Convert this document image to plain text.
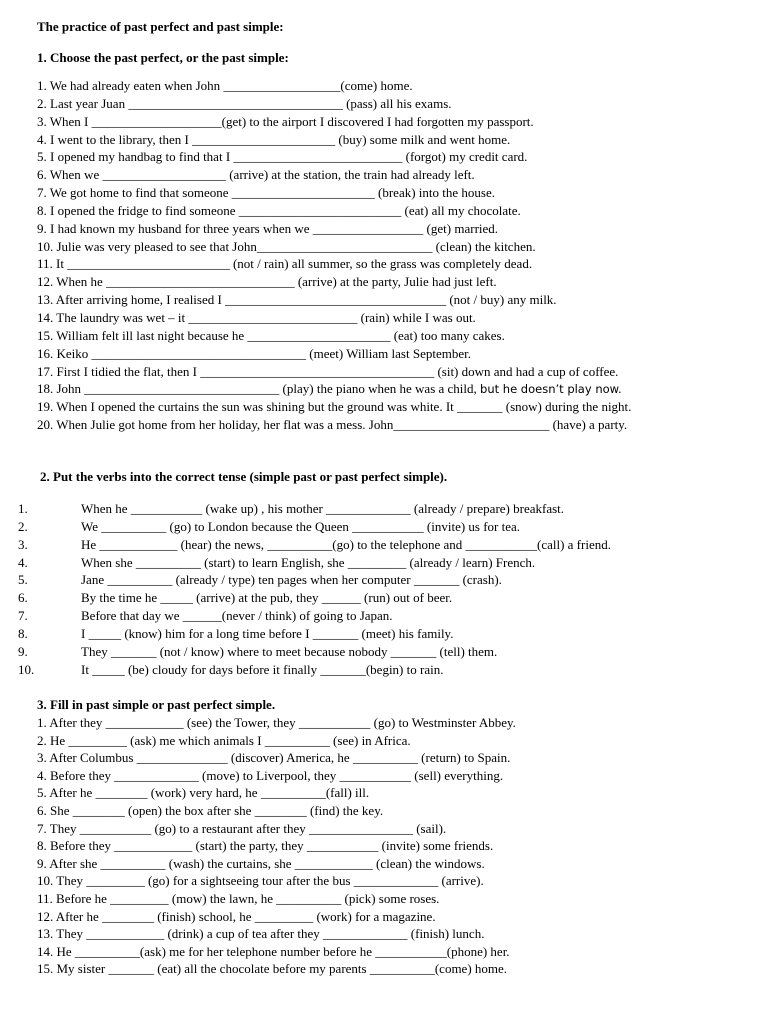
The practice of past perfect and past simple:
1. Choose the past perfect, or the past simple:
1. We had already eaten when John __________________(come) home.
2. Last year Juan _________________________________ (pass) all his exams.
3. When I ____________________(get) to the airport I discovered I had forgotten my passport.
4. I went to the library, then I ______________________ (buy) some milk and went home.
5. I opened my handbag to find that I __________________________ (forgot) my credit card.
6. When we ___________________ (arrive) at the station, the train had already left.
7. We got home to find that someone ______________________ (break) into the house.
8. I opened the fridge to find someone _________________________ (eat) all my chocolate.
9. I had known my husband for three years when we _________________ (get) married.
10. Julie was very pleased to see that John___________________________ (clean) the kitchen.
11. It _________________________ (not / rain) all summer, so the grass was completely dead.
12. When he _____________________________ (arrive) at the party, Julie had just left.
13. After arriving home, I realised I __________________________________ (not / buy) any milk.
14. The laundry was wet – it __________________________ (rain) while I was out.
15. William felt ill last night because he ______________________ (eat) too many cakes.
16. Keiko _________________________________ (meet) William last September.
17. First I tidied the flat, then I ____________________________________ (sit) down and had a cup of coffee.
18. John ______________________________ (play) the piano when he was a child, but he doesn’t play now.
19. When I opened the curtains the sun was shining but the ground was white. It _______ (snow) during the night.
20. When Julie got home from her holiday, her flat was a mess. John________________________ (have) a party.
2. Put the verbs into the correct tense (simple past or past perfect simple).
1.	When he ___________ (wake up) , his mother _____________ (already / prepare) breakfast.
2.	We __________ (go) to London because the Queen ___________ (invite) us for tea.
3.	He ____________ (hear) the news, __________(go) to the telephone and ___________(call) a friend.
4.	When she __________ (start) to learn English, she _________ (already / learn) French.
5.	Jane __________ (already / type) ten pages when her computer _______ (crash).
6.	By the time he _____ (arrive) at the pub, they ______ (run) out of beer.
7.	Before that day we ______(never / think) of going to Japan.
8.	I _____ (know) him for a long time before I _______ (meet) his family.
9.	They _______ (not / know) where to meet because nobody _______ (tell) them.
10.	It _____ (be) cloudy for days before it finally _______(begin) to rain.
3. Fill in past simple or past perfect simple.
1. After they ____________ (see) the Tower, they ___________ (go) to Westminster Abbey.
2. He _________ (ask) me which animals I __________ (see) in Africa.
3. After Columbus ______________ (discover) America, he __________ (return) to Spain.
4. Before they _____________ (move) to Liverpool, they ___________ (sell) everything.
5. After he ________ (work) very hard, he __________(fall) ill.
6. She ________ (open) the box after she ________ (find) the key.
7. They ___________ (go) to a restaurant after they ________________ (sail).
8. Before they ____________ (start) the party, they ___________ (invite) some friends.
9. After she __________ (wash) the curtains, she ____________ (clean) the windows.
10. They _________ (go) for a sightseeing tour after the bus _____________ (arrive).
11. Before he _________ (mow) the lawn, he __________ (pick) some roses.
12. After he ________ (finish) school, he _________ (work) for a magazine.
13. They ____________ (drink) a cup of tea after they _____________ (finish) lunch.
14. He __________(ask) me for her telephone number before he ___________(phone) her.
15. My sister _______ (eat) all the chocolate before my parents __________(come) home.
